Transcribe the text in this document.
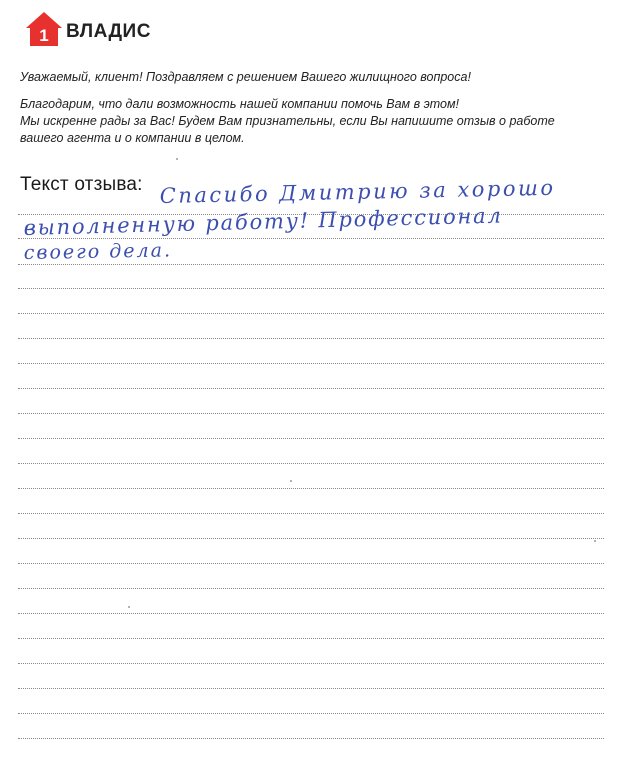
1 ВЛАДИС
Уважаемый, клиент! Поздравляем с решением Вашего жилищного вопроса!
Благодарим, что дали возможность нашей компании помочь Вам в этом!
Мы искренне рады за Вас! Будем Вам признательны, если Вы напишите отзыв о работе
вашего агента и о компании в целом.
Текст отзыва: Спасибо Дмитрию за хорошо
выполненную работу! Профессионал
своего дела.
